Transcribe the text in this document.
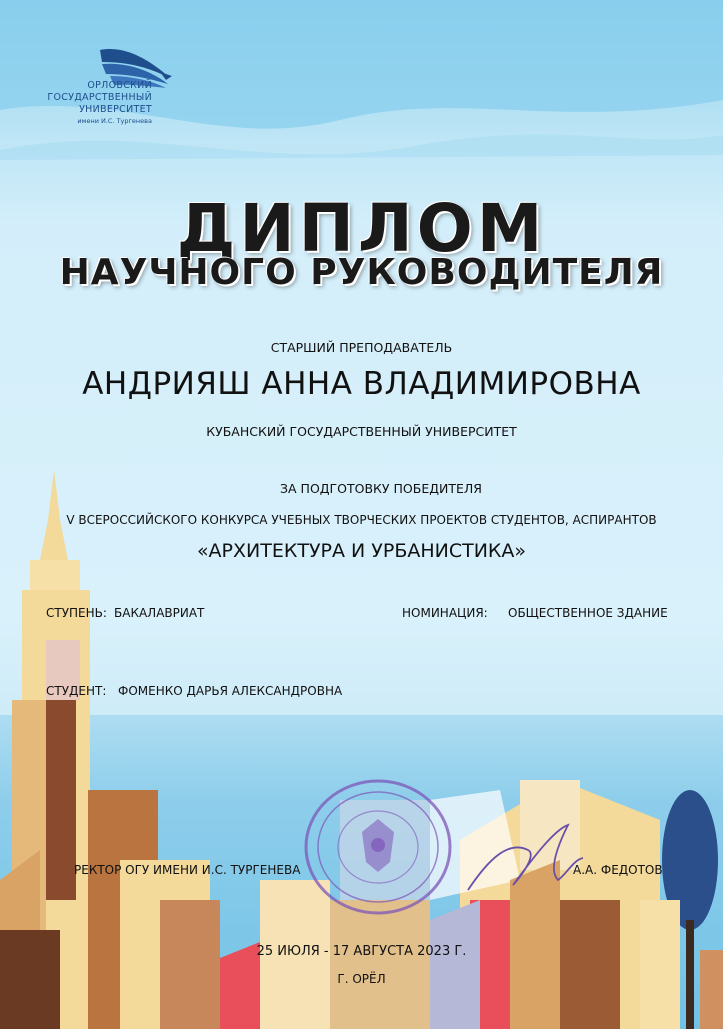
ОРЛОВСКИЙ
ГОСУДАРСТВЕННЫЙ
УНИВЕРСИТЕТ
имени И.С. Тургенева
ДИПЛОМ
НАУЧНОГО РУКОВОДИТЕЛЯ
СТАРШИЙ ПРЕПОДАВАТЕЛЬ
АНДРИЯШ АННА ВЛАДИМИРОВНА
КУБАНСКИЙ ГОСУДАРСТВЕННЫЙ УНИВЕРСИТЕТ
ЗА ПОДГОТОВКУ ПОБЕДИТЕЛЯ
V ВСЕРОССИЙСКОГО КОНКУРСА УЧЕБНЫХ ТВОРЧЕСКИХ ПРОЕКТОВ СТУДЕНТОВ, АСПИРАНТОВ
«АРХИТЕКТУРА И УРБАНИСТИКА»
СТУПЕНЬ: БАКАЛАВРИАТ	НОМИНАЦИЯ: ОБЩЕСТВЕННОЕ ЗДАНИЕ
СТУДЕНТ: ФОМЕНКО ДАРЬЯ АЛЕКСАНДРОВНА
РЕКТОР ОГУ ИМЕНИ И.С. ТУРГЕНЕВА	А.А. ФЕДОТОВ
25 ИЮЛЯ - 17 АВГУСТА 2023 Г.
Г. ОРЁЛ
